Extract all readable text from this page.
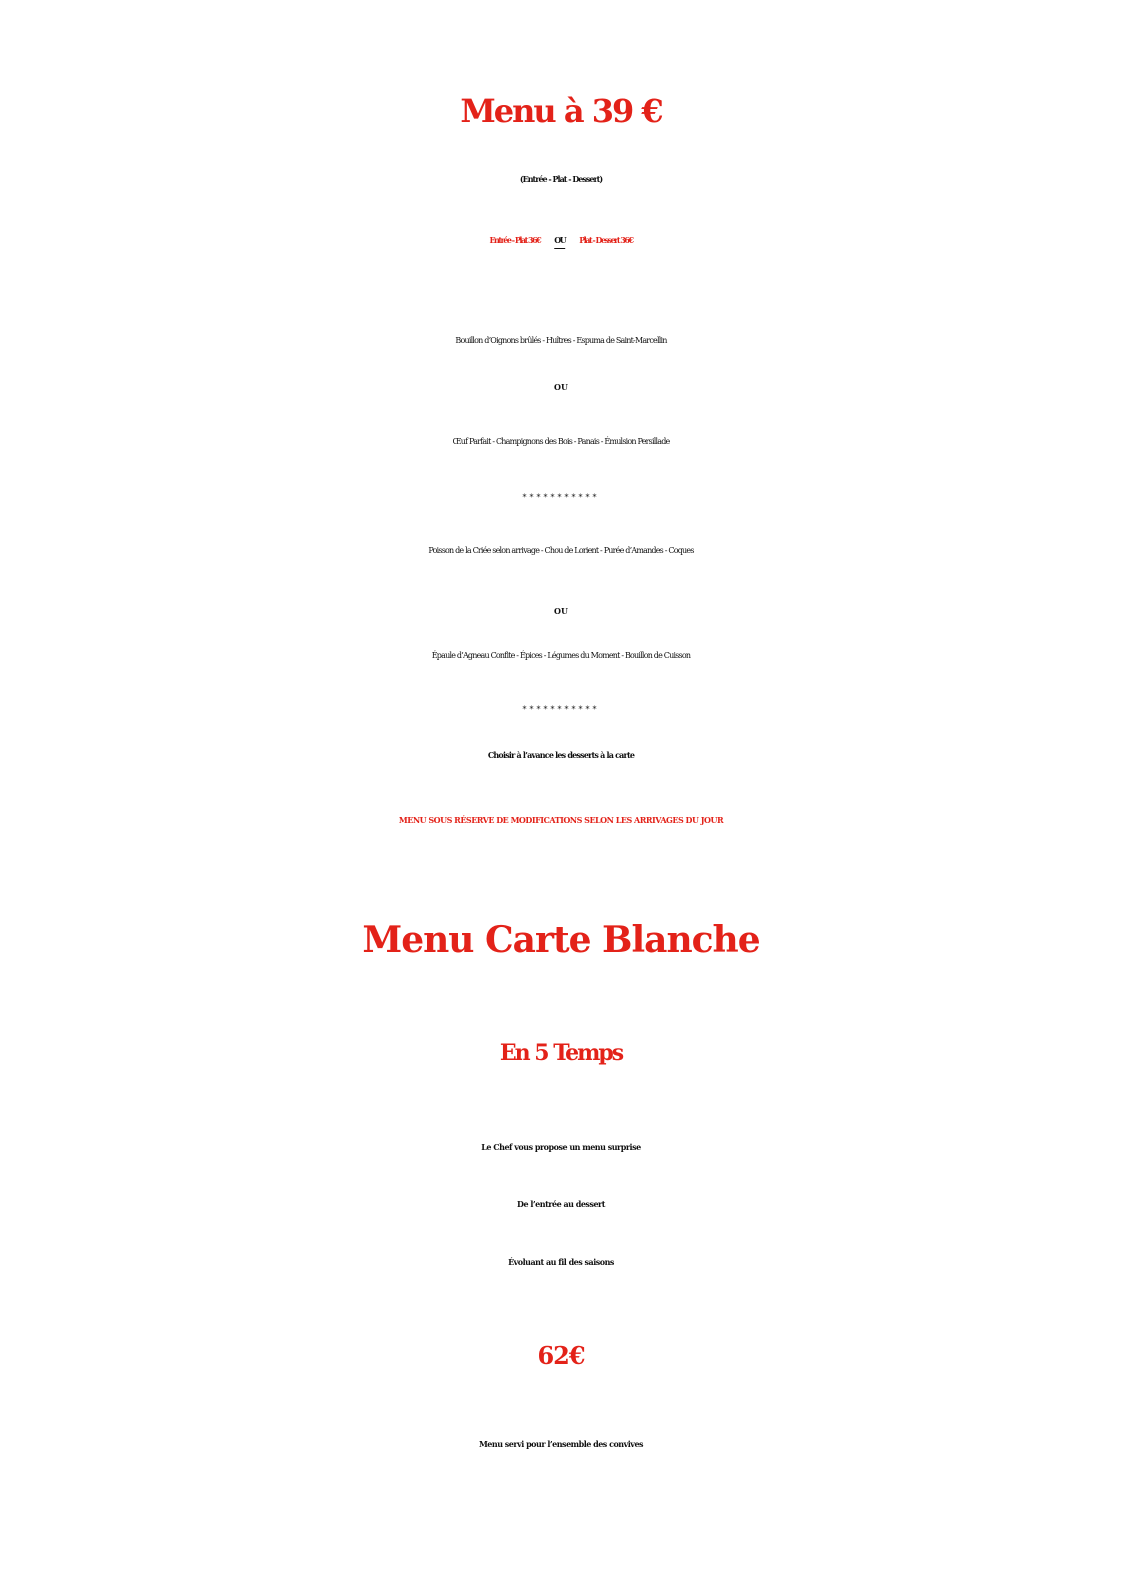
Menu à 39 €
(Entrée - Plat - Dessert)
Entrée - Plat 36€ OU Plat - Dessert 36€
Bouillon d’Oignons brûlés - Huîtres - Espuma de Saint-Marcellin
OU
Œuf Parfait - Champignons des Bois - Panais - Émulsion Persillade
***********
Poisson de la Criée selon arrivage - Chou de Lorient - Purée d’Amandes - Coques
OU
Épaule d’Agneau Confite - Épices - Légumes du Moment - Bouillon de Cuisson
***********
Choisir à l’avance les desserts à la carte
MENU SOUS RÉSERVE DE MODIFICATIONS SELON LES ARRIVAGES DU JOUR
Menu Carte Blanche
En 5 Temps
Le Chef vous propose un menu surprise
De l’entrée au dessert
Évoluant au fil des saisons
62€
Menu servi pour l’ensemble des convives
